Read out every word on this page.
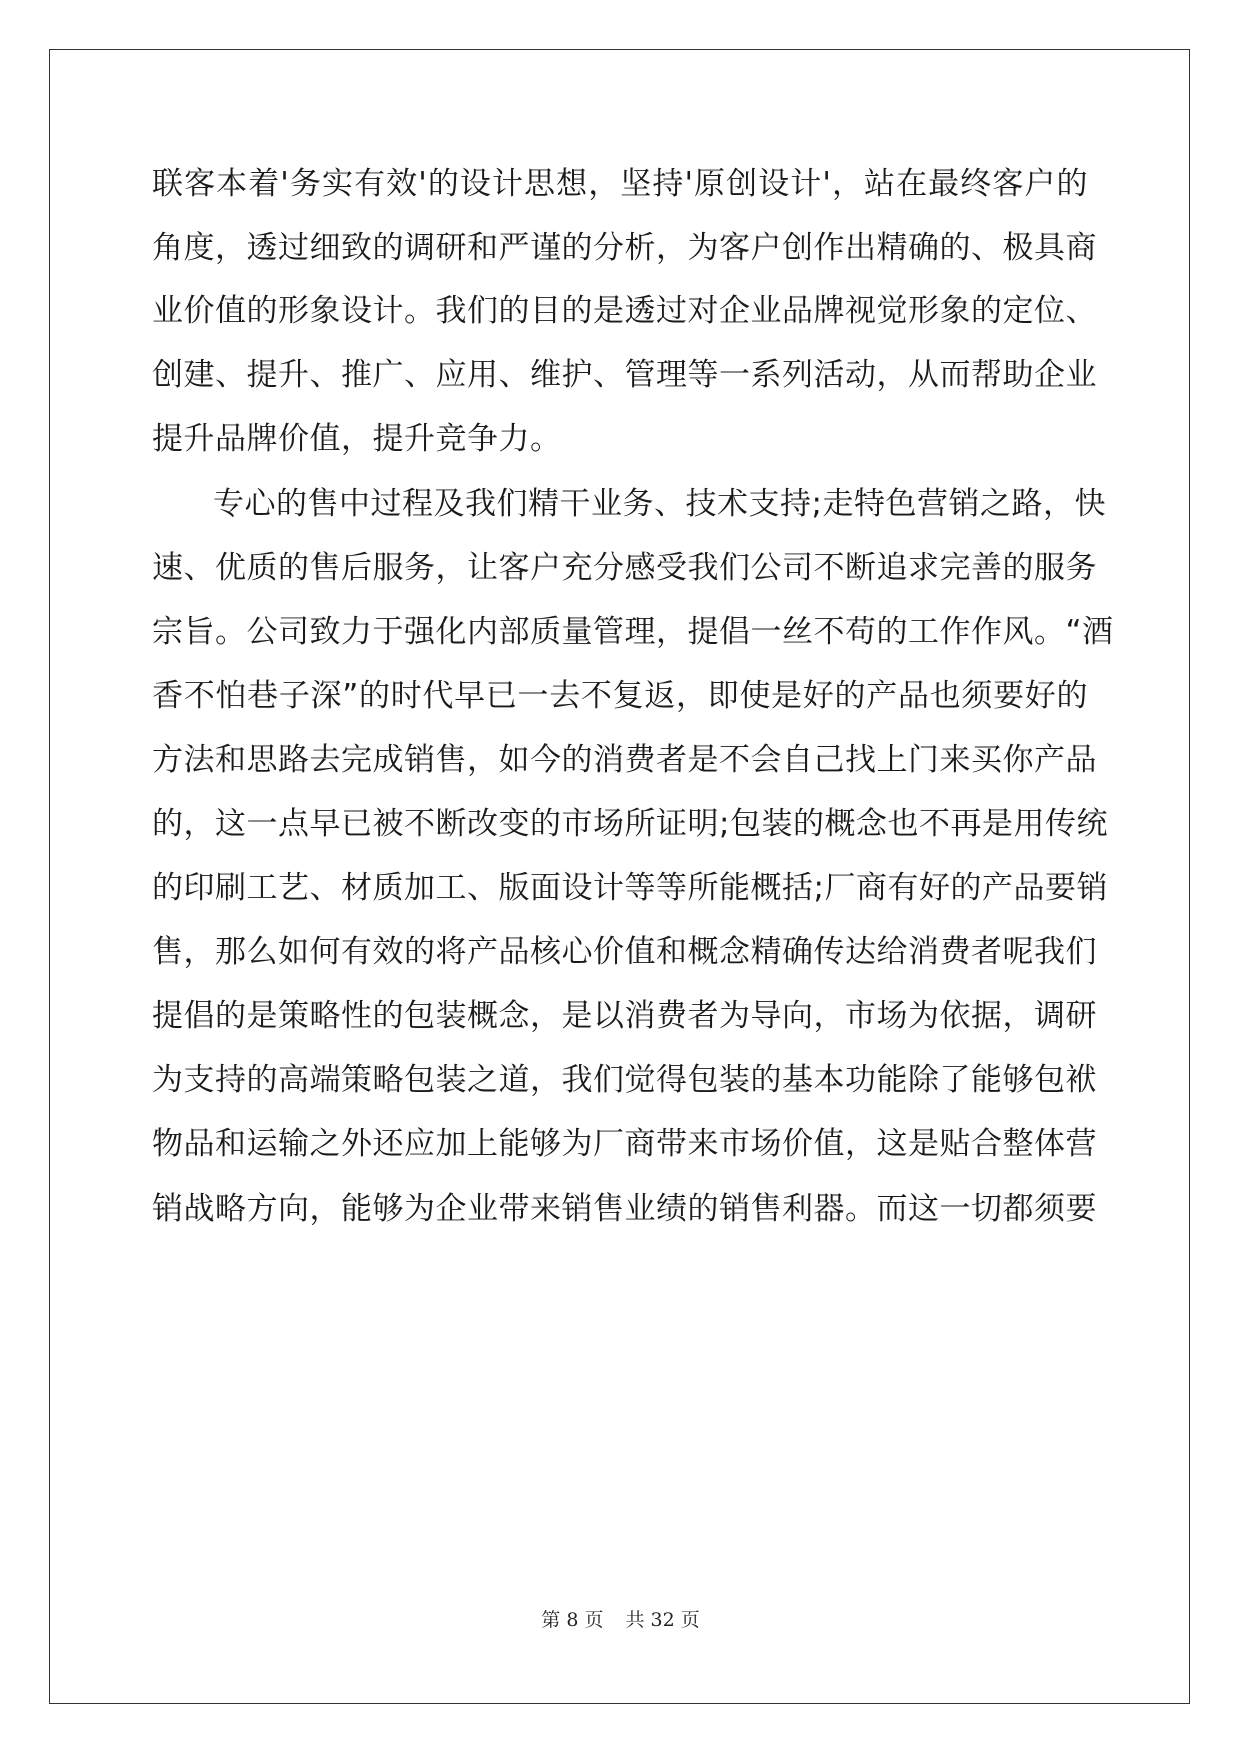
联客本着'务实有效'的设计思想，坚持'原创设计'，站在最终客户的
角度，透过细致的调研和严谨的分析，为客户创作出精确的、极具商
业价值的形象设计。我们的目的是透过对企业品牌视觉形象的定位、
创建、提升、推广、应用、维护、管理等一系列活动，从而帮助企业
提升品牌价值，提升竞争力。
专心的售中过程及我们精干业务、技术支持;走特色营销之路，快
速、优质的售后服务，让客户充分感受我们公司不断追求完善的服务
宗旨。公司致力于强化内部质量管理，提倡一丝不苟的工作作风。“酒
香不怕巷子深”的时代早已一去不复返，即使是好的产品也须要好的
方法和思路去完成销售，如今的消费者是不会自己找上门来买你产品
的，这一点早已被不断改变的市场所证明;包装的概念也不再是用传统
的印刷工艺、材质加工、版面设计等等所能概括;厂商有好的产品要销
售，那么如何有效的将产品核心价值和概念精确传达给消费者呢我们
提倡的是策略性的包装概念，是以消费者为导向，市场为依据，调研
为支持的高端策略包装之道，我们觉得包装的基本功能除了能够包袱
物品和运输之外还应加上能够为厂商带来市场价值，这是贴合整体营
销战略方向，能够为企业带来销售业绩的销售利器。而这一切都须要
第 8 页 共 32 页
